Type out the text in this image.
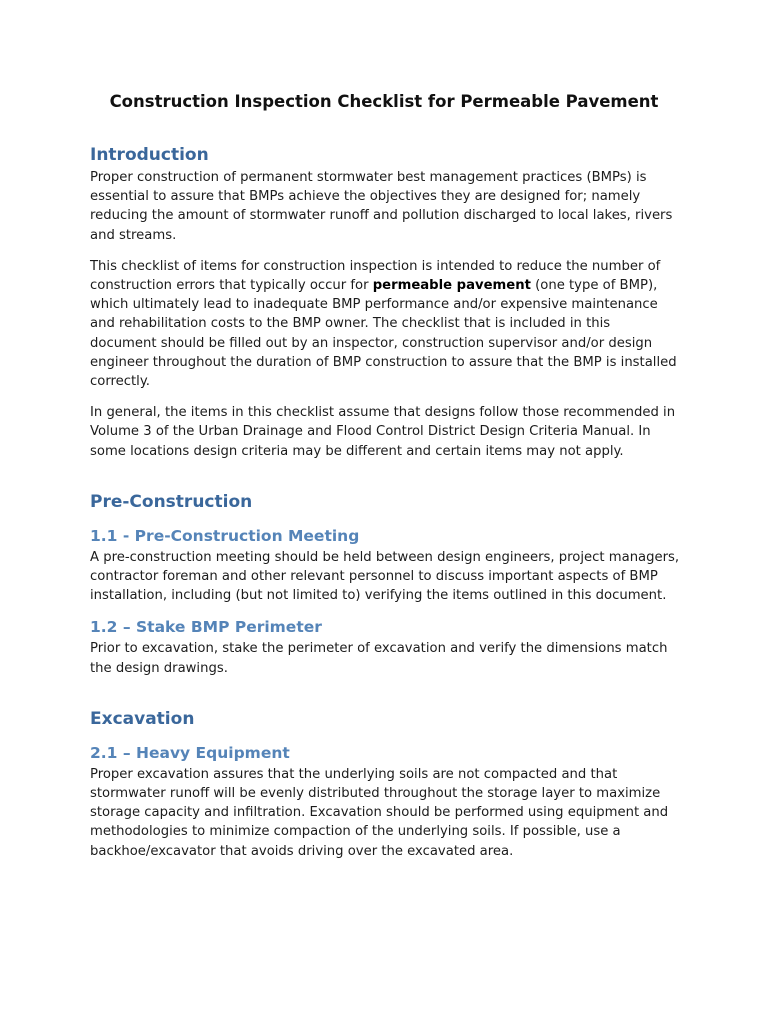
Construction Inspection Checklist for Permeable Pavement
Introduction

Proper construction of permanent stormwater best management practices (BMPs) is essential to assure that BMPs achieve the objectives they are designed for; namely reducing the amount of stormwater runoff and pollution discharged to local lakes, rivers and streams.

This checklist of items for construction inspection is intended to reduce the number of construction errors that typically occur for permeable pavement (one type of BMP), which ultimately lead to inadequate BMP performance and/or expensive maintenance and rehabilitation costs to the BMP owner. The checklist that is included in this document should be filled out by an inspector, construction supervisor and/or design engineer throughout the duration of BMP construction to assure that the BMP is installed correctly.

In general, the items in this checklist assume that designs follow those recommended in Volume 3 of the Urban Drainage and Flood Control District Design Criteria Manual. In some locations design criteria may be different and certain items may not apply.

Pre-Construction
1.1 - Pre-Construction Meeting

A pre-construction meeting should be held between design engineers, project managers, contractor foreman and other relevant personnel to discuss important aspects of BMP installation, including (but not limited to) verifying the items outlined in this document.

1.2 – Stake BMP Perimeter

Prior to excavation, stake the perimeter of excavation and verify the dimensions match the design drawings.

Excavation
2.1 – Heavy Equipment

Proper excavation assures that the underlying soils are not compacted and that stormwater runoff will be evenly distributed throughout the storage layer to maximize storage capacity and infiltration. Excavation should be performed using equipment and methodologies to minimize compaction of the underlying soils. If possible, use a backhoe/excavator that avoids driving over the excavated area.
